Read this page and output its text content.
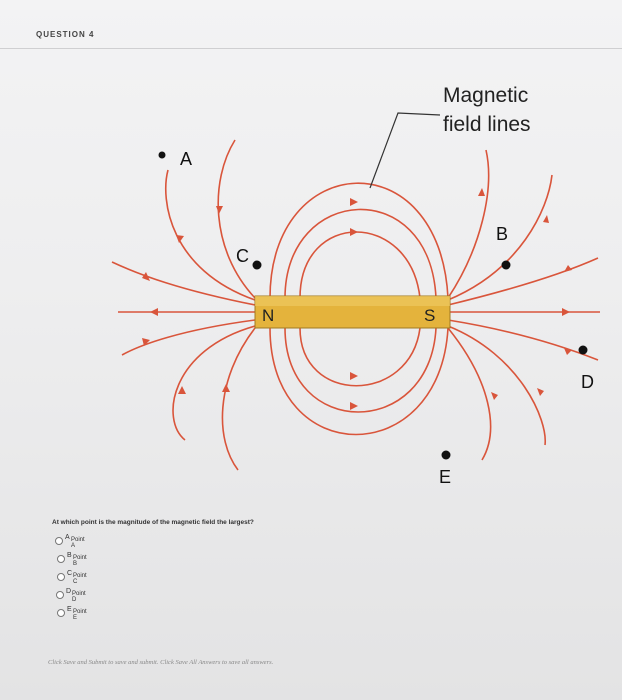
QUESTION 4
N	S
Magnetic
field lines
A
B
C
D
E
At which point is the magnitude of the magnetic field the largest?
A Point A
B Point B
C Point C
D Point D
E Point E
Click Save and Submit to save and submit. Click Save All Answers to save all answers.
